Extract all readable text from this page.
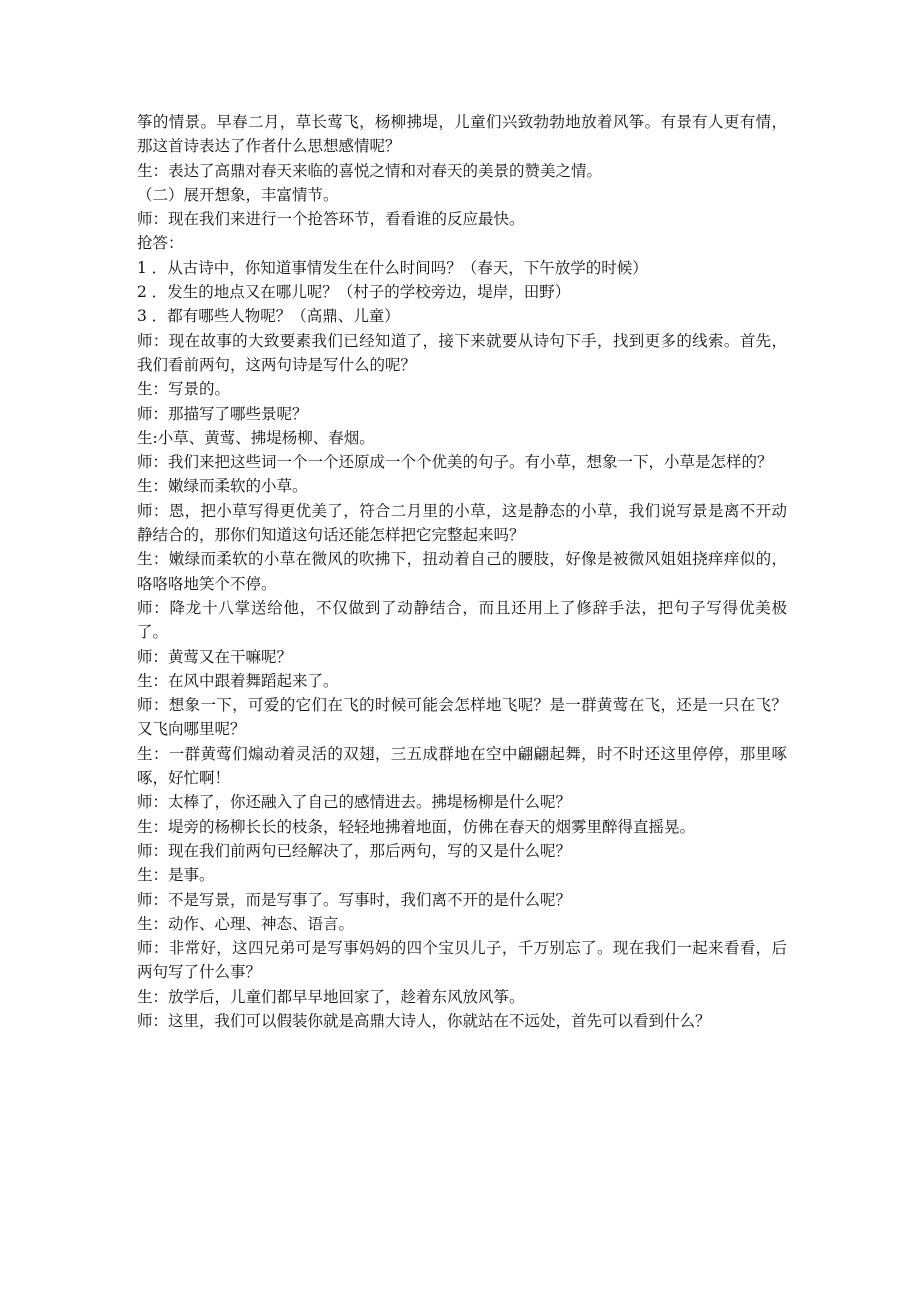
筝的情景。早春二月，草长莺飞，杨柳拂堤，儿童们兴致勃勃地放着风筝。有景有人更有情，那这首诗表达了作者什么思想感情呢？

生：表达了高鼎对春天来临的喜悦之情和对春天的美景的赞美之情。

（二）展开想象，丰富情节。

师：现在我们来进行一个抢答环节，看看谁的反应最快。

抢答：

1 ．从古诗中，你知道事情发生在什么时间吗？（春天，下午放学的时候）

2 ．发生的地点又在哪儿呢？（村子的学校旁边，堤岸，田野）

3 ．都有哪些人物呢？（高鼎、儿童）

师：现在故事的大致要素我们已经知道了，接下来就要从诗句下手，找到更多的线索。首先，我们看前两句，这两句诗是写什么的呢？

生：写景的。

师：那描写了哪些景呢？

生:小草、黄莺、拂堤杨柳、春烟。

师：我们来把这些词一个一个还原成一个个优美的句子。有小草，想象一下，小草是怎样的？

生：嫩绿而柔软的小草。

师：恩，把小草写得更优美了，符合二月里的小草，这是静态的小草，我们说写景是离不开动静结合的，那你们知道这句话还能怎样把它完整起来吗？

生：嫩绿而柔软的小草在微风的吹拂下，扭动着自己的腰肢，好像是被微风姐姐挠痒痒似的，咯咯咯地笑个不停。

师：降龙十八掌送给他，不仅做到了动静结合，而且还用上了修辞手法，把句子写得优美极了。

师：黄莺又在干嘛呢？

生：在风中跟着舞蹈起来了。

师：想象一下，可爱的它们在飞的时候可能会怎样地飞呢？是一群黄莺在飞，还是一只在飞？又飞向哪里呢？

生：一群黄莺们煽动着灵活的双翅，三五成群地在空中翩翩起舞，时不时还这里停停，那里啄啄，好忙啊！

师：太棒了，你还融入了自己的感情进去。拂堤杨柳是什么呢？

生：堤旁的杨柳长长的枝条，轻轻地拂着地面，仿佛在春天的烟雾里醉得直摇晃。

师：现在我们前两句已经解决了，那后两句，写的又是什么呢？

生：是事。

师：不是写景，而是写事了。写事时，我们离不开的是什么呢？

生：动作、心理、神态、语言。

师：非常好，这四兄弟可是写事妈妈的四个宝贝儿子，千万别忘了。现在我们一起来看看，后两句写了什么事？

生：放学后，儿童们都早早地回家了，趁着东风放风筝。

师：这里，我们可以假装你就是高鼎大诗人，你就站在不远处，首先可以看到什么？
